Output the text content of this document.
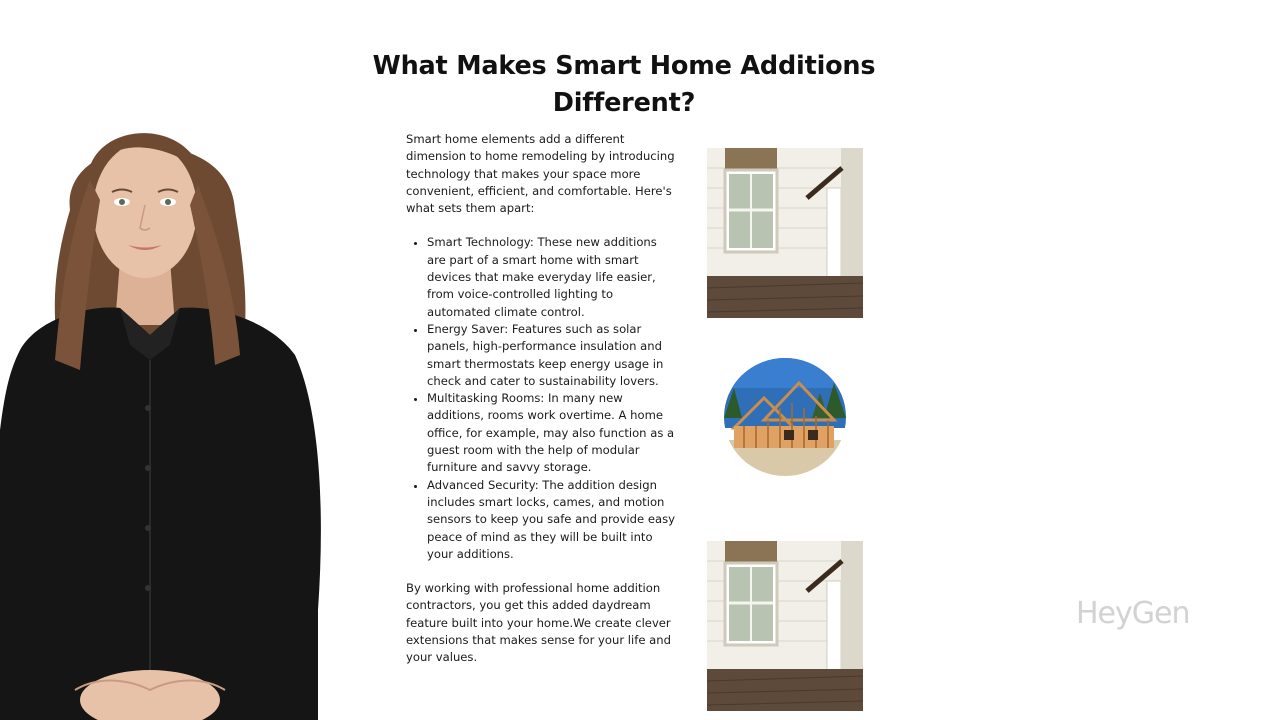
What Makes Smart Home Additions Different?

Smart home elements add a different dimension to home remodeling by introducing technology that makes your space more convenient, efficient, and comfortable. Here's what sets them apart:

• Smart Technology: These new additions are part of a smart home with smart devices that make everyday life easier, from voice-controlled lighting to automated climate control.
• Energy Saver: Features such as solar panels, high-performance insulation and smart thermostats keep energy usage in check and cater to sustainability lovers.
• Multitasking Rooms: In many new additions, rooms work overtime. A home office, for example, may also function as a guest room with the help of modular furniture and savvy storage.
• Advanced Security: The addition design includes smart locks, cames, and motion sensors to keep you safe and provide easy peace of mind as they will be built into your additions.

By working with professional home addition contractors, you get this added daydream feature built into your home.We create clever extensions that makes sense for your life and your values.

HeyGen
